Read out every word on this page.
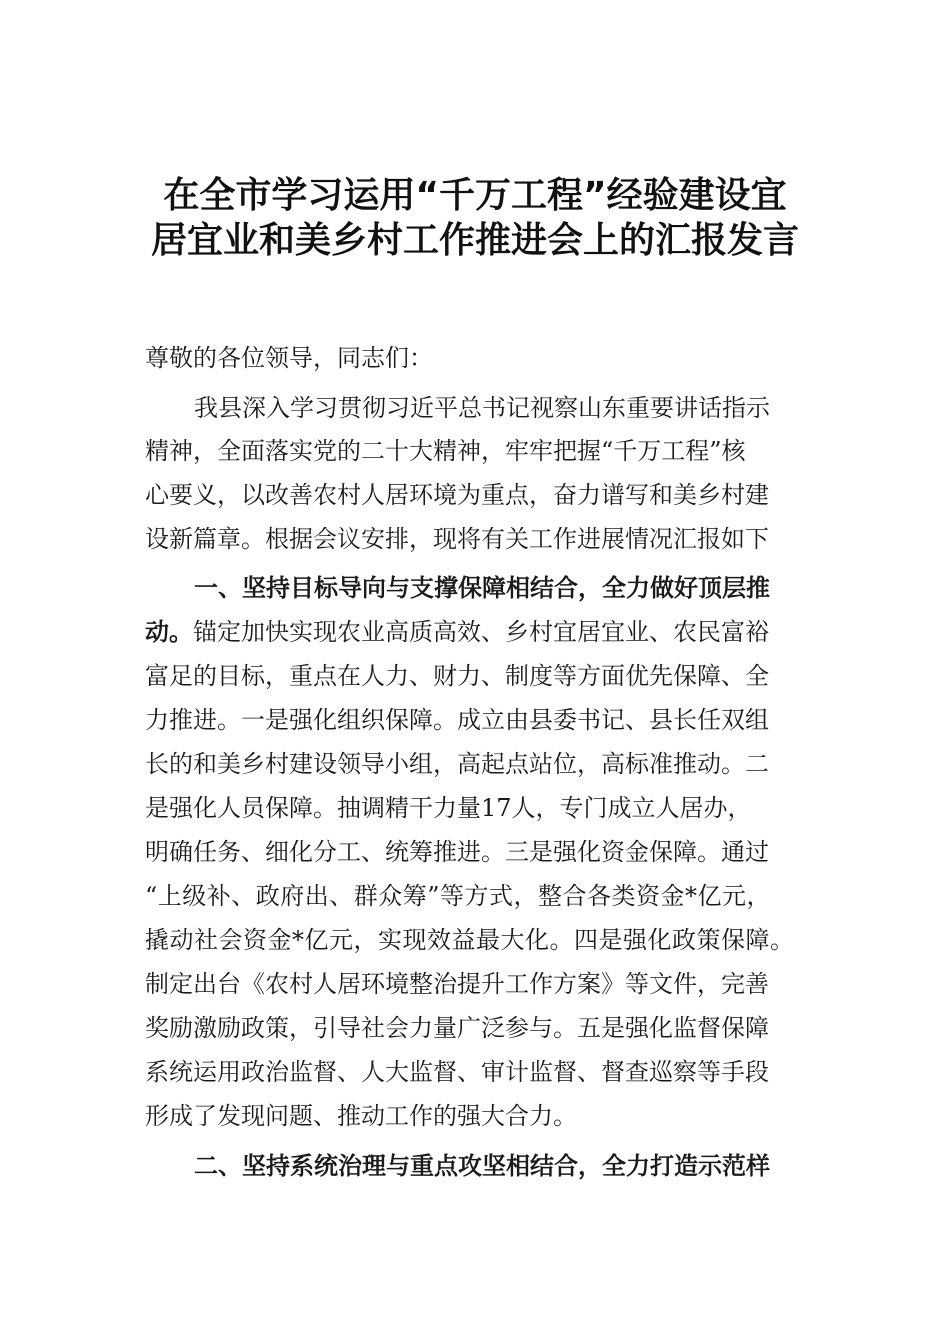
在全市学习运用“千万工程”经验建设宜
居宜业和美乡村工作推进会上的汇报发言
尊敬的各位领导，同志们：
我县深入学习贯彻习近平总书记视察山东重要讲话指示
精神，全面落实党的二十大精神，牢牢把握“千万工程”核
心要义，以改善农村人居环境为重点，奋力谱写和美乡村建
设新篇章。根据会议安排，现将有关工作进展情况汇报如下
一、坚持目标导向与支撑保障相结合，全力做好顶层推
动。锚定加快实现农业高质高效、乡村宜居宜业、农民富裕
富足的目标，重点在人力、财力、制度等方面优先保障、全
力推进。一是强化组织保障。成立由县委书记、县长任双组
长的和美乡村建设领导小组，高起点站位，高标准推动。二
是强化人员保障。抽调精干力量17人，专门成立人居办，
明确任务、细化分工、统筹推进。三是强化资金保障。通过
“上级补、政府出、群众筹”等方式，整合各类资金*亿元，
撬动社会资金*亿元，实现效益最大化。四是强化政策保障。
制定出台《农村人居环境整治提升工作方案》等文件，完善
奖励激励政策，引导社会力量广泛参与。五是强化监督保障
系统运用政治监督、人大监督、审计监督、督查巡察等手段
形成了发现问题、推动工作的强大合力。
二、坚持系统治理与重点攻坚相结合，全力打造示范样
